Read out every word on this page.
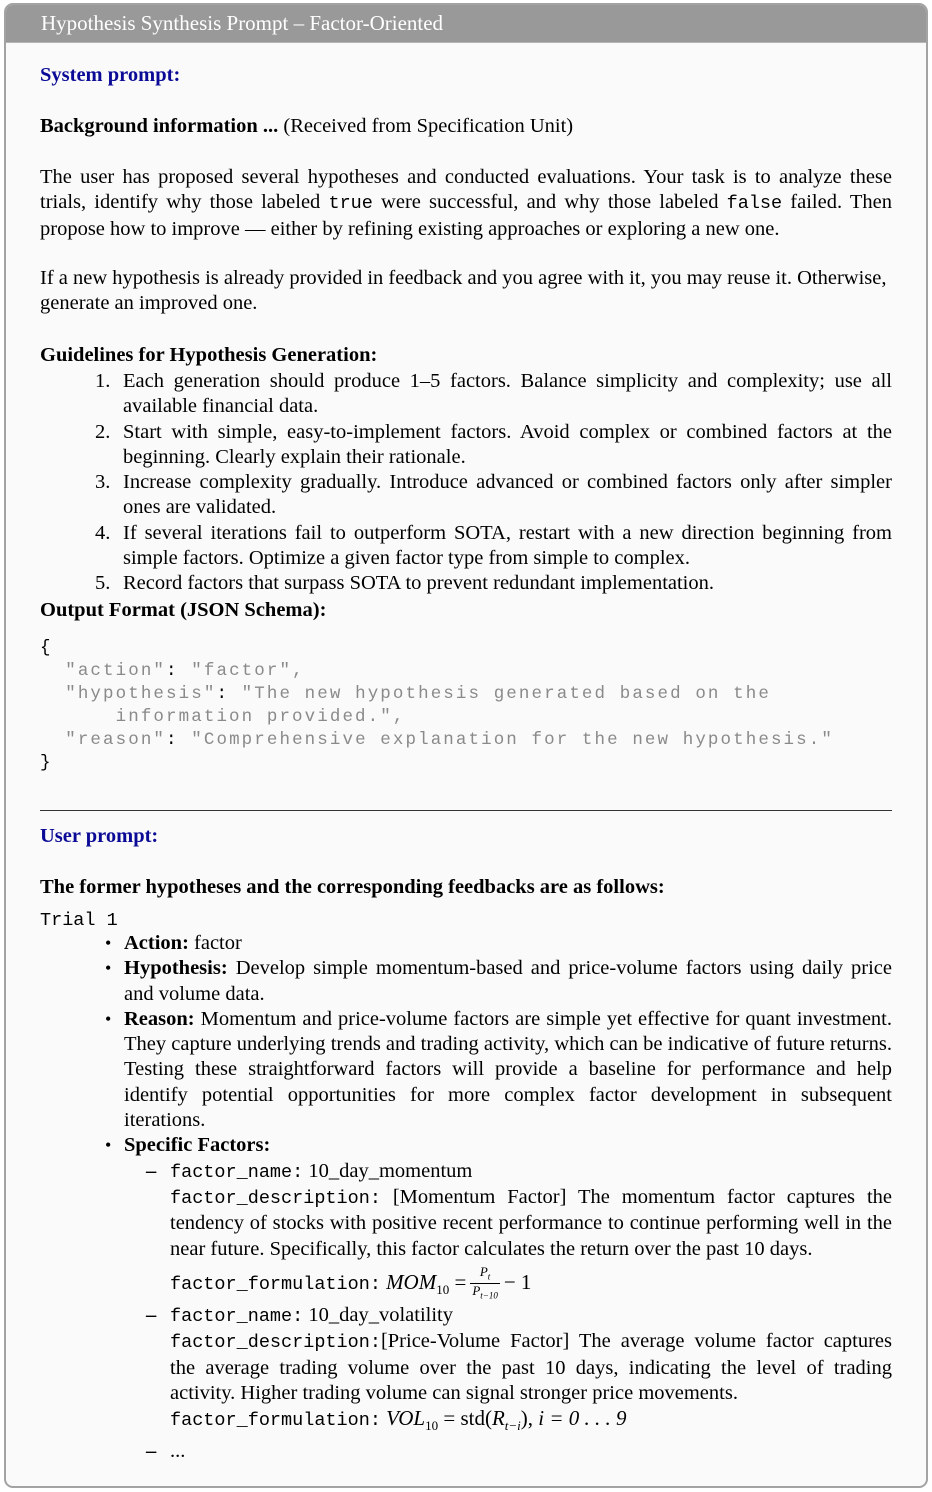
Hypothesis Synthesis Prompt – Factor-Oriented
System prompt:
Background information ... (Received from Specification Unit)
The user has proposed several hypotheses and conducted evaluations. Your task is to analyze these trials, identify why those labeled true were successful, and why those labeled false failed. Then propose how to improve — either by refining existing approaches or exploring a new one.
If a new hypothesis is already provided in feedback and you agree with it, you may reuse it. Otherwise, generate an improved one.
Guidelines for Hypothesis Generation:
1. Each generation should produce 1–5 factors. Balance simplicity and complexity; use all available financial data.
2. Start with simple, easy-to-implement factors. Avoid complex or combined factors at the beginning. Clearly explain their rationale.
3. Increase complexity gradually. Introduce advanced or combined factors only after simpler ones are validated.
4. If several iterations fail to outperform SOTA, restart with a new direction beginning from simple factors. Optimize a given factor type from simple to complex.
5. Record factors that surpass SOTA to prevent redundant implementation.
Output Format (JSON Schema):
{
"action": "factor",
"hypothesis": "The new hypothesis generated based on the
information provided.",
"reason": "Comprehensive explanation for the new hypothesis."
}
User prompt:
The former hypotheses and the corresponding feedbacks are as follows:
Trial 1
• Action: factor
• Hypothesis: Develop simple momentum-based and price-volume factors using daily price and volume data.
• Reason: Momentum and price-volume factors are simple yet effective for quant investment. They capture underlying trends and trading activity, which can be indicative of future returns. Testing these straightforward factors will provide a baseline for performance and help identify potential opportunities for more complex factor development in subsequent iterations.
• Specific Factors:
– factor_name: 10_day_momentum
factor_description: [Momentum Factor] The momentum factor captures the tendency of stocks with positive recent performance to continue performing well in the near future. Specifically, this factor calculates the return over the past 10 days.
factor_formulation: $MOM_{10} = \frac{P_t}{P_{t-10}} - 1$
– factor_name: 10_day_volatility
factor_description:[Price-Volume Factor] The average volume factor captures the average trading volume over the past 10 days, indicating the level of trading activity. Higher trading volume can signal stronger price movements.
factor_formulation: $VOL_{10} = std(R_{t-i})$, i = 0 . . . 9
– ...
